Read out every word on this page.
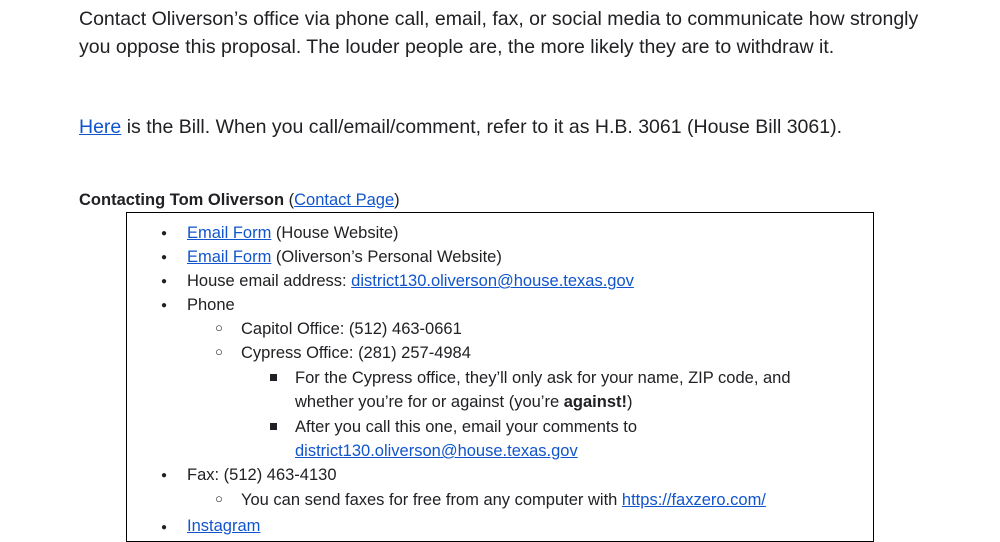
Contact Oliverson’s office via phone call, email, fax, or social media to communicate how strongly you oppose this proposal. The louder people are, the more likely they are to withdraw it.

Here is the Bill. When you call/email/comment, refer to it as H.B. 3061 (House Bill 3061).

Contacting Tom Oliverson (Contact Page)
● Email Form (House Website)
● Email Form (Oliverson’s Personal Website)
● House email address: district130.oliverson@house.texas.gov
● Phone
○ Capitol Office: (512) 463-0661
○ Cypress Office: (281) 257-4984
For the Cypress office, they’ll only ask for your name, ZIP code, and
whether you’re for or against (you’re against!)
After you call this one, email your comments to
district130.oliverson@house.texas.gov
● Fax: (512) 463-4130
○ You can send faxes for free from any computer with https://faxzero.com/
● Instagram
